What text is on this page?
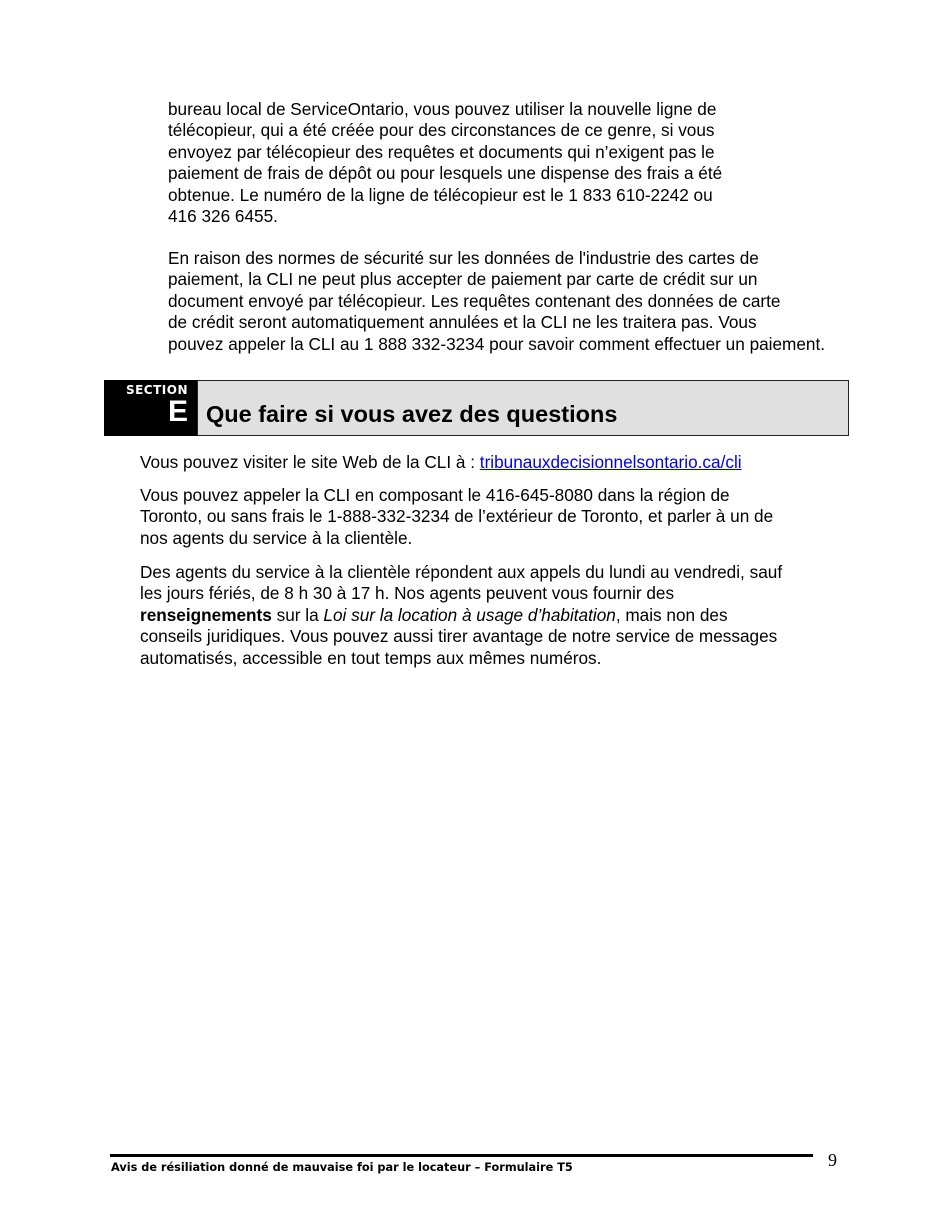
bureau local de ServiceOntario, vous pouvez utiliser la nouvelle ligne de
télécopieur, qui a été créée pour des circonstances de ce genre, si vous
envoyez par télécopieur des requêtes et documents qui n’exigent pas le
paiement de frais de dépôt ou pour lesquels une dispense des frais a été
obtenue. Le numéro de la ligne de télécopieur est le 1 833 610-2242 ou
416 326 6455.
En raison des normes de sécurité sur les données de l'industrie des cartes de
paiement, la CLI ne peut plus accepter de paiement par carte de crédit sur un
document envoyé par télécopieur. Les requêtes contenant des données de carte
de crédit seront automatiquement annulées et la CLI ne les traitera pas. Vous
pouvez appeler la CLI au 1 888 332-3234 pour savoir comment effectuer un paiement.
SECTION
E Que faire si vous avez des questions
Vous pouvez visiter le site Web de la CLI à : tribunauxdecisionnelsontario.ca/cli
Vous pouvez appeler la CLI en composant le 416-645-8080 dans la région de
Toronto, ou sans frais le 1-888-332-3234 de l’extérieur de Toronto, et parler à un de
nos agents du service à la clientèle.
Des agents du service à la clientèle répondent aux appels du lundi au vendredi, sauf
les jours fériés, de 8 h 30 à 17 h. Nos agents peuvent vous fournir des
renseignements sur la Loi sur la location à usage d’habitation, mais non des
conseils juridiques. Vous pouvez aussi tirer avantage de notre service de messages
automatisés, accessible en tout temps aux mêmes numéros.
Avis de résiliation donné de mauvaise foi par le locateur – Formulaire T5	9
